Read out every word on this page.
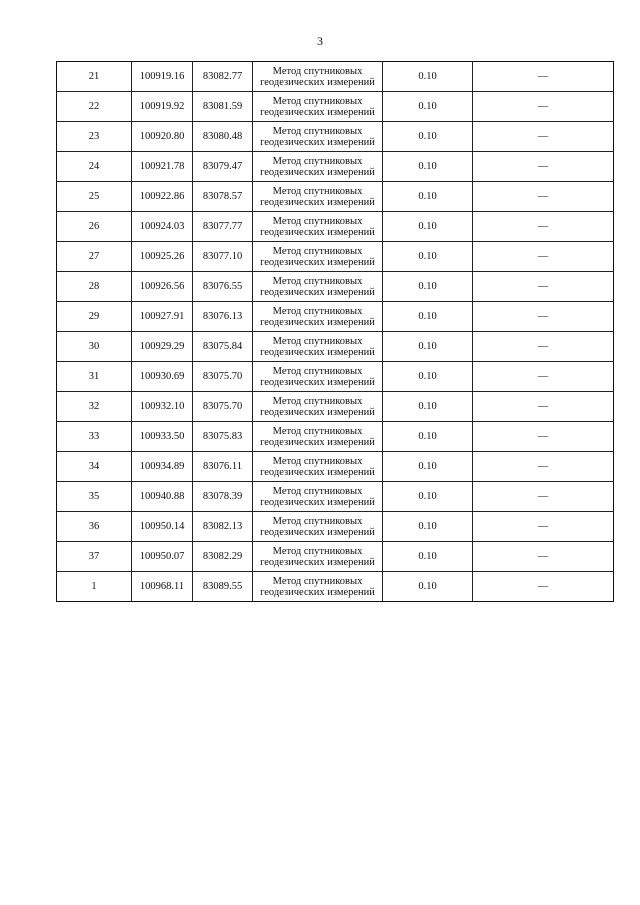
3
21	100919.16	83082.77	Метод спутниковых геодезических измерений	0.10	—
22	100919.92	83081.59	Метод спутниковых геодезических измерений	0.10	—
23	100920.80	83080.48	Метод спутниковых геодезических измерений	0.10	—
24	100921.78	83079.47	Метод спутниковых геодезических измерений	0.10	—
25	100922.86	83078.57	Метод спутниковых геодезических измерений	0.10	—
26	100924.03	83077.77	Метод спутниковых геодезических измерений	0.10	—
27	100925.26	83077.10	Метод спутниковых геодезических измерений	0.10	—
28	100926.56	83076.55	Метод спутниковых геодезических измерений	0.10	—
29	100927.91	83076.13	Метод спутниковых геодезических измерений	0.10	—
30	100929.29	83075.84	Метод спутниковых геодезических измерений	0.10	—
31	100930.69	83075.70	Метод спутниковых геодезических измерений	0.10	—
32	100932.10	83075.70	Метод спутниковых геодезических измерений	0.10	—
33	100933.50	83075.83	Метод спутниковых геодезических измерений	0.10	—
34	100934.89	83076.11	Метод спутниковых геодезических измерений	0.10	—
35	100940.88	83078.39	Метод спутниковых геодезических измерений	0.10	—
36	100950.14	83082.13	Метод спутниковых геодезических измерений	0.10	—
37	100950.07	83082.29	Метод спутниковых геодезических измерений	0.10	—
1	100968.11	83089.55	Метод спутниковых геодезических измерений	0.10	—
